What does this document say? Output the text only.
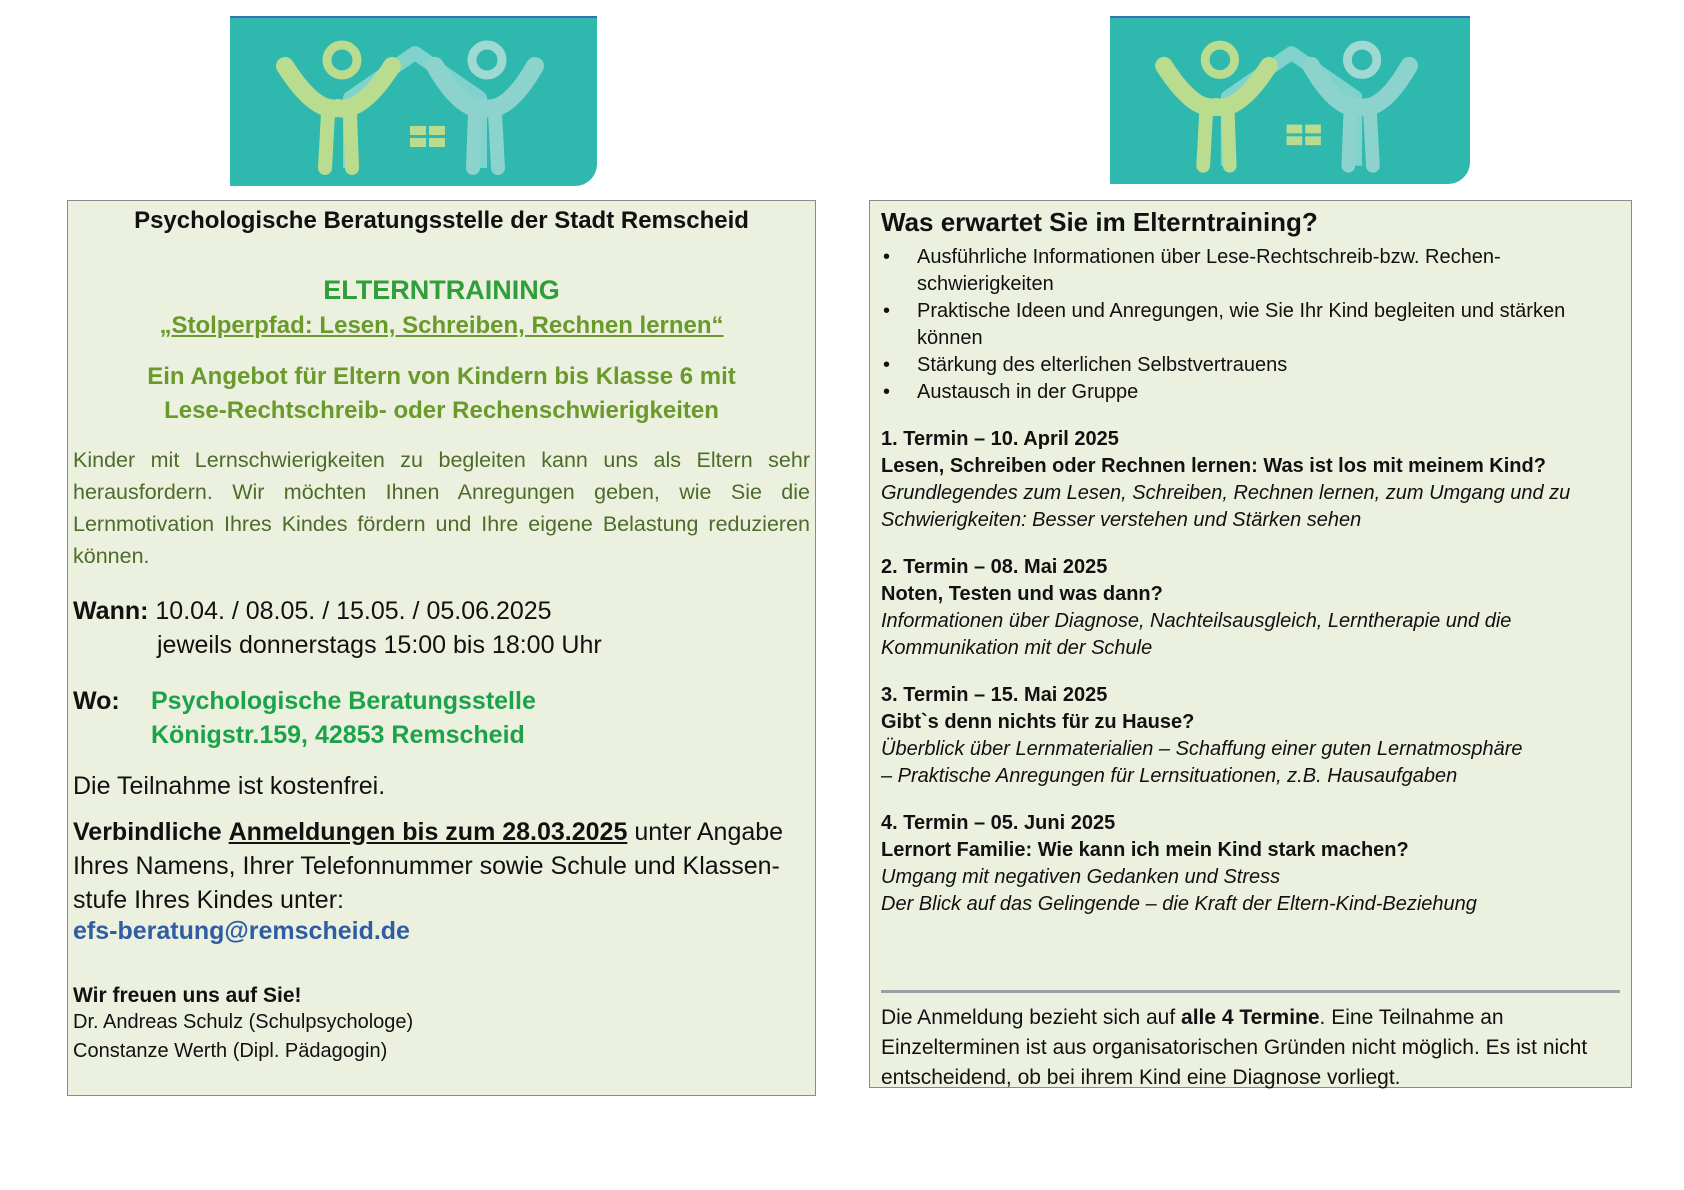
Psychologische Beratungsstelle der Stadt Remscheid
ELTERNTRAINING
„Stolperpfad: Lesen, Schreiben, Rechnen lernen“
Ein Angebot für Eltern von Kindern bis Klasse 6 mit
Lese-Rechtschreib- oder Rechenschwierigkeiten
Kinder mit Lernschwierigkeiten zu begleiten kann uns als Eltern sehr herausfordern. Wir möchten Ihnen Anregungen geben, wie Sie die Lernmotivation Ihres Kindes fördern und Ihre eigene Belastung reduzieren können.
Wann: 10.04. / 08.05. / 15.05. / 05.06.2025
jeweils donnerstags 15:00 bis 18:00 Uhr
Wo:	Psychologische Beratungsstelle
Königstr.159, 42853 Remscheid
Die Teilnahme ist kostenfrei.
Verbindliche Anmeldungen bis zum 28.03.2025 unter Angabe Ihres Namens, Ihrer Telefonnummer sowie Schule und Klassen-stufe Ihres Kindes unter:
efs-beratung@remscheid.de
Wir freuen uns auf Sie!
Dr. Andreas Schulz (Schulpsychologe)
Constanze Werth (Dipl. Pädagogin)
Was erwartet Sie im Elterntraining?
• Ausführliche Informationen über Lese-Rechtschreib-bzw. Rechen-schwierigkeiten
• Praktische Ideen und Anregungen, wie Sie Ihr Kind begleiten und stärken können
• Stärkung des elterlichen Selbstvertrauens
• Austausch in der Gruppe
1. Termin – 10. April 2025
Lesen, Schreiben oder Rechnen lernen: Was ist los mit meinem Kind?
Grundlegendes zum Lesen, Schreiben, Rechnen lernen, zum Umgang und zu
Schwierigkeiten: Besser verstehen und Stärken sehen
2. Termin – 08. Mai 2025
Noten, Testen und was dann?
Informationen über Diagnose, Nachteilsausgleich, Lerntherapie und die
Kommunikation mit der Schule
3. Termin – 15. Mai 2025
Gibt`s denn nichts für zu Hause?
Überblick über Lernmaterialien – Schaffung einer guten Lernatmosphäre
– Praktische Anregungen für Lernsituationen, z.B. Hausaufgaben
4. Termin – 05. Juni 2025
Lernort Familie: Wie kann ich mein Kind stark machen?
Umgang mit negativen Gedanken und Stress
Der Blick auf das Gelingende – die Kraft der Eltern-Kind-Beziehung
Die Anmeldung bezieht sich auf alle 4 Termine. Eine Teilnahme an Einzelterminen ist aus organisatorischen Gründen nicht möglich. Es ist nicht entscheidend, ob bei ihrem Kind eine Diagnose vorliegt.
